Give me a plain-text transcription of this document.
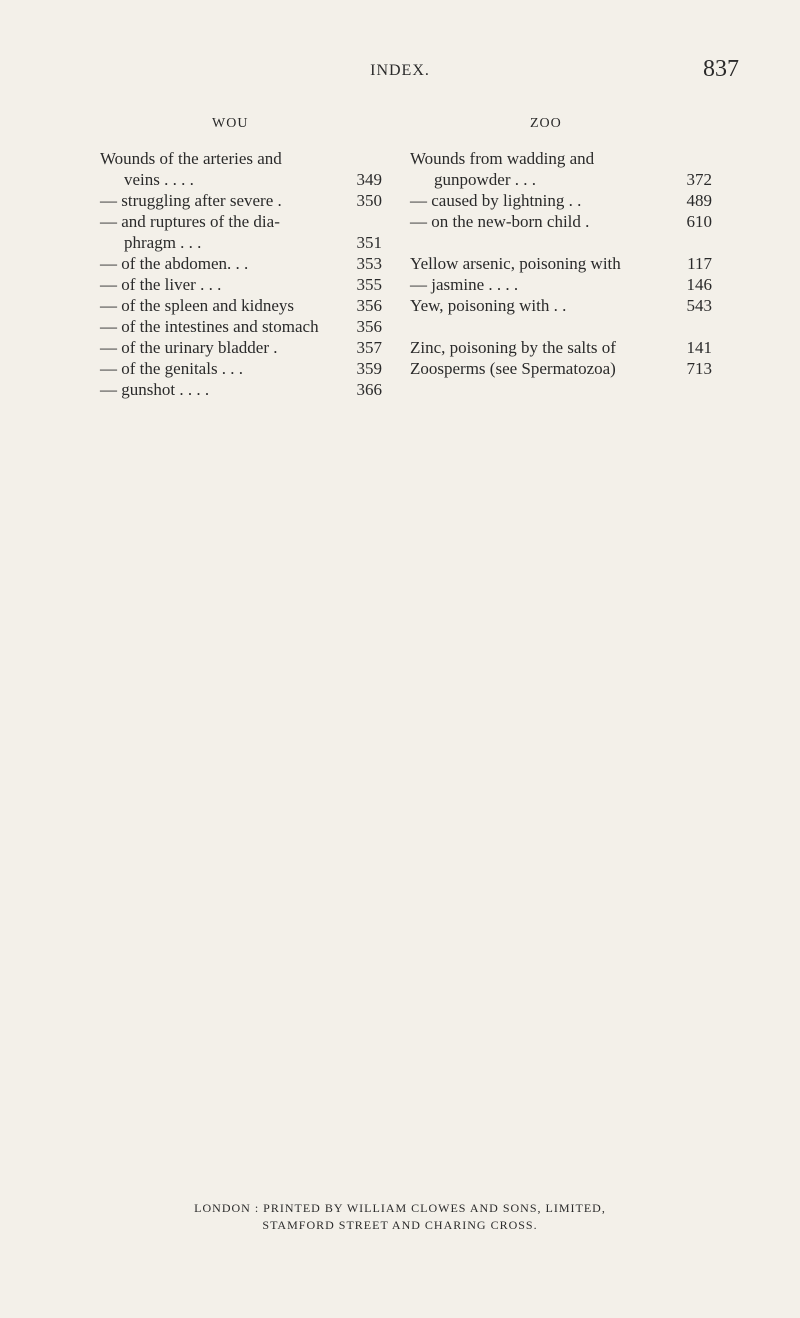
INDEX.	837
WOU	ZOO
Wounds of the arteries and
veins . . . .	349
— struggling after severe .	350
— and ruptures of the dia-
phragm . . .	351
— of the abdomen. . .	353
— of the liver . . .	355
— of the spleen and kidneys	356
— of the intestines and stomach 356
— of the urinary bladder .	357
— of the genitals . . .	359
— gunshot . . . .	366
Wounds from wadding and
gunpowder . . .	372
— caused by lightning . .	489
— on the new-born child .	610
Yellow arsenic, poisoning with	117
— jasmine . . . .	146
Yew, poisoning with . .	543
Zinc, poisoning by the salts of	141
Zoosperms (see Spermatozoa)	713
LONDON : PRINTED BY WILLIAM CLOWES AND SONS, LIMITED,
STAMFORD STREET AND CHARING CROSS.
